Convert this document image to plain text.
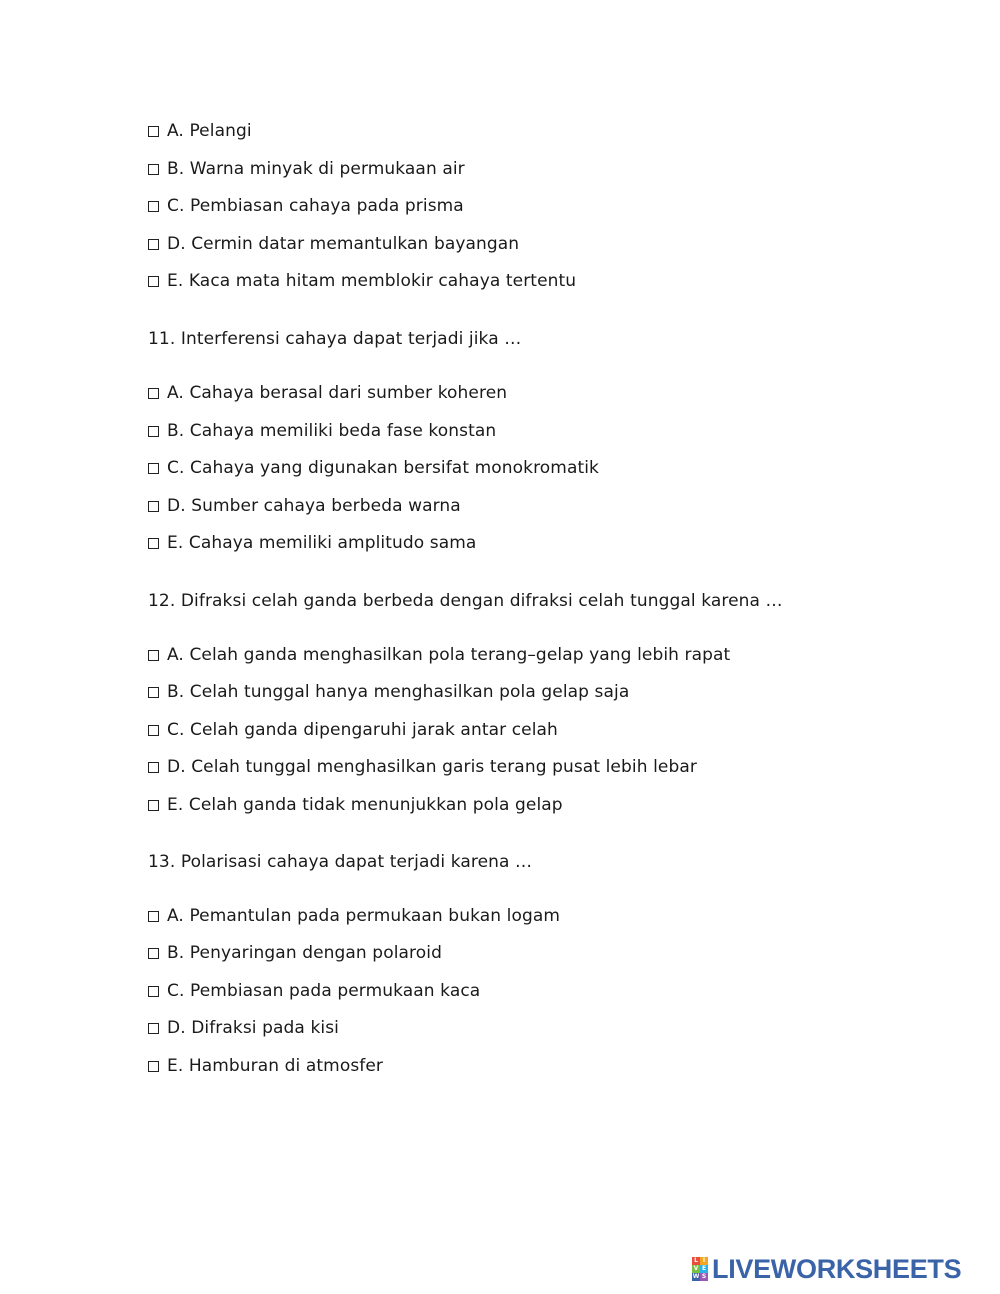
A. Pelangi
B. Warna minyak di permukaan air
C. Pembiasan cahaya pada prisma
D. Cermin datar memantulkan bayangan
E. Kaca mata hitam memblokir cahaya tertentu
11. Interferensi cahaya dapat terjadi jika …
A. Cahaya berasal dari sumber koheren
B. Cahaya memiliki beda fase konstan
C. Cahaya yang digunakan bersifat monokromatik
D. Sumber cahaya berbeda warna
E. Cahaya memiliki amplitudo sama
12. Difraksi celah ganda berbeda dengan difraksi celah tunggal karena …
A. Celah ganda menghasilkan pola terang–gelap yang lebih rapat
B. Celah tunggal hanya menghasilkan pola gelap saja
C. Celah ganda dipengaruhi jarak antar celah
D. Celah tunggal menghasilkan garis terang pusat lebih lebar
E. Celah ganda tidak menunjukkan pola gelap
13. Polarisasi cahaya dapat terjadi karena …
A. Pemantulan pada permukaan bukan logam
B. Penyaringan dengan polaroid
C. Pembiasan pada permukaan kaca
D. Difraksi pada kisi
E. Hamburan di atmosfer
L I
V E
W S LIVEWORKSHEETS
